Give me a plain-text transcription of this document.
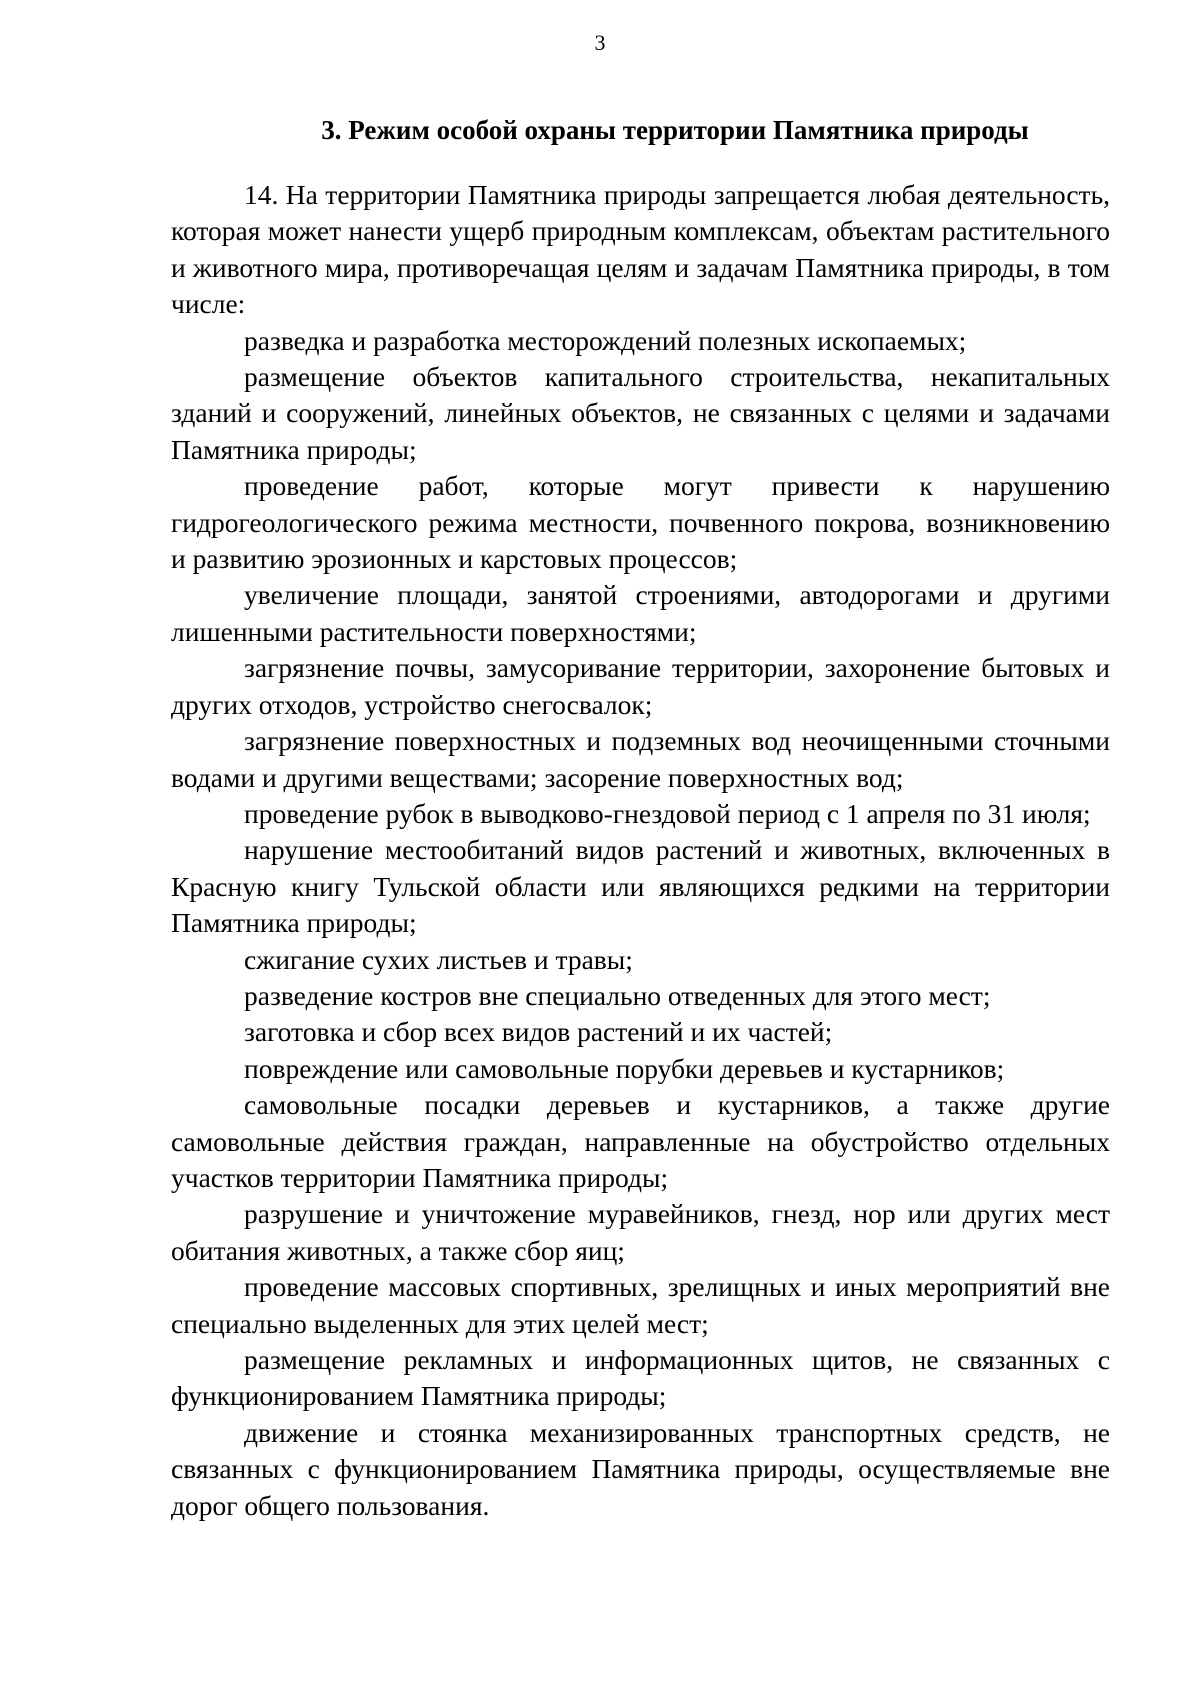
3
3. Режим особой охраны территории Памятника природы

14. На территории Памятника природы запрещается любая деятельность, которая может нанести ущерб природным комплексам, объектам растительного и животного мира, противоречащая целям и задачам Памятника природы, в том числе:

разведка и разработка месторождений полезных ископаемых;

размещение объектов капитального строительства, некапитальных зданий и сооружений, линейных объектов, не связанных с целями и задачами Памятника природы;

проведение работ, которые могут привести к нарушению гидрогеологического режима местности, почвенного покрова, возникновению и развитию эрозионных и карстовых процессов;

увеличение площади, занятой строениями, автодорогами и другими лишенными растительности поверхностями;

загрязнение почвы, замусоривание территории, захоронение бытовых и других отходов, устройство снегосвалок;

загрязнение поверхностных и подземных вод неочищенными сточными водами и другими веществами; засорение поверхностных вод;

проведение рубок в выводково-гнездовой период с 1 апреля по 31 июля;

нарушение местообитаний видов растений и животных, включенных в Красную книгу Тульской области или являющихся редкими на территории Памятника природы;

сжигание сухих листьев и травы;

разведение костров вне специально отведенных для этого мест;

заготовка и сбор всех видов растений и их частей;

повреждение или самовольные порубки деревьев и кустарников;

самовольные посадки деревьев и кустарников, а также другие самовольные действия граждан, направленные на обустройство отдельных участков территории Памятника природы;

разрушение и уничтожение муравейников, гнезд, нор или других мест обитания животных, а также сбор яиц;

проведение массовых спортивных, зрелищных и иных мероприятий вне специально выделенных для этих целей мест;

размещение рекламных и информационных щитов, не связанных с функционированием Памятника природы;

движение и стоянка механизированных транспортных средств, не связанных с функционированием Памятника природы, осуществляемые вне дорог общего пользования.
